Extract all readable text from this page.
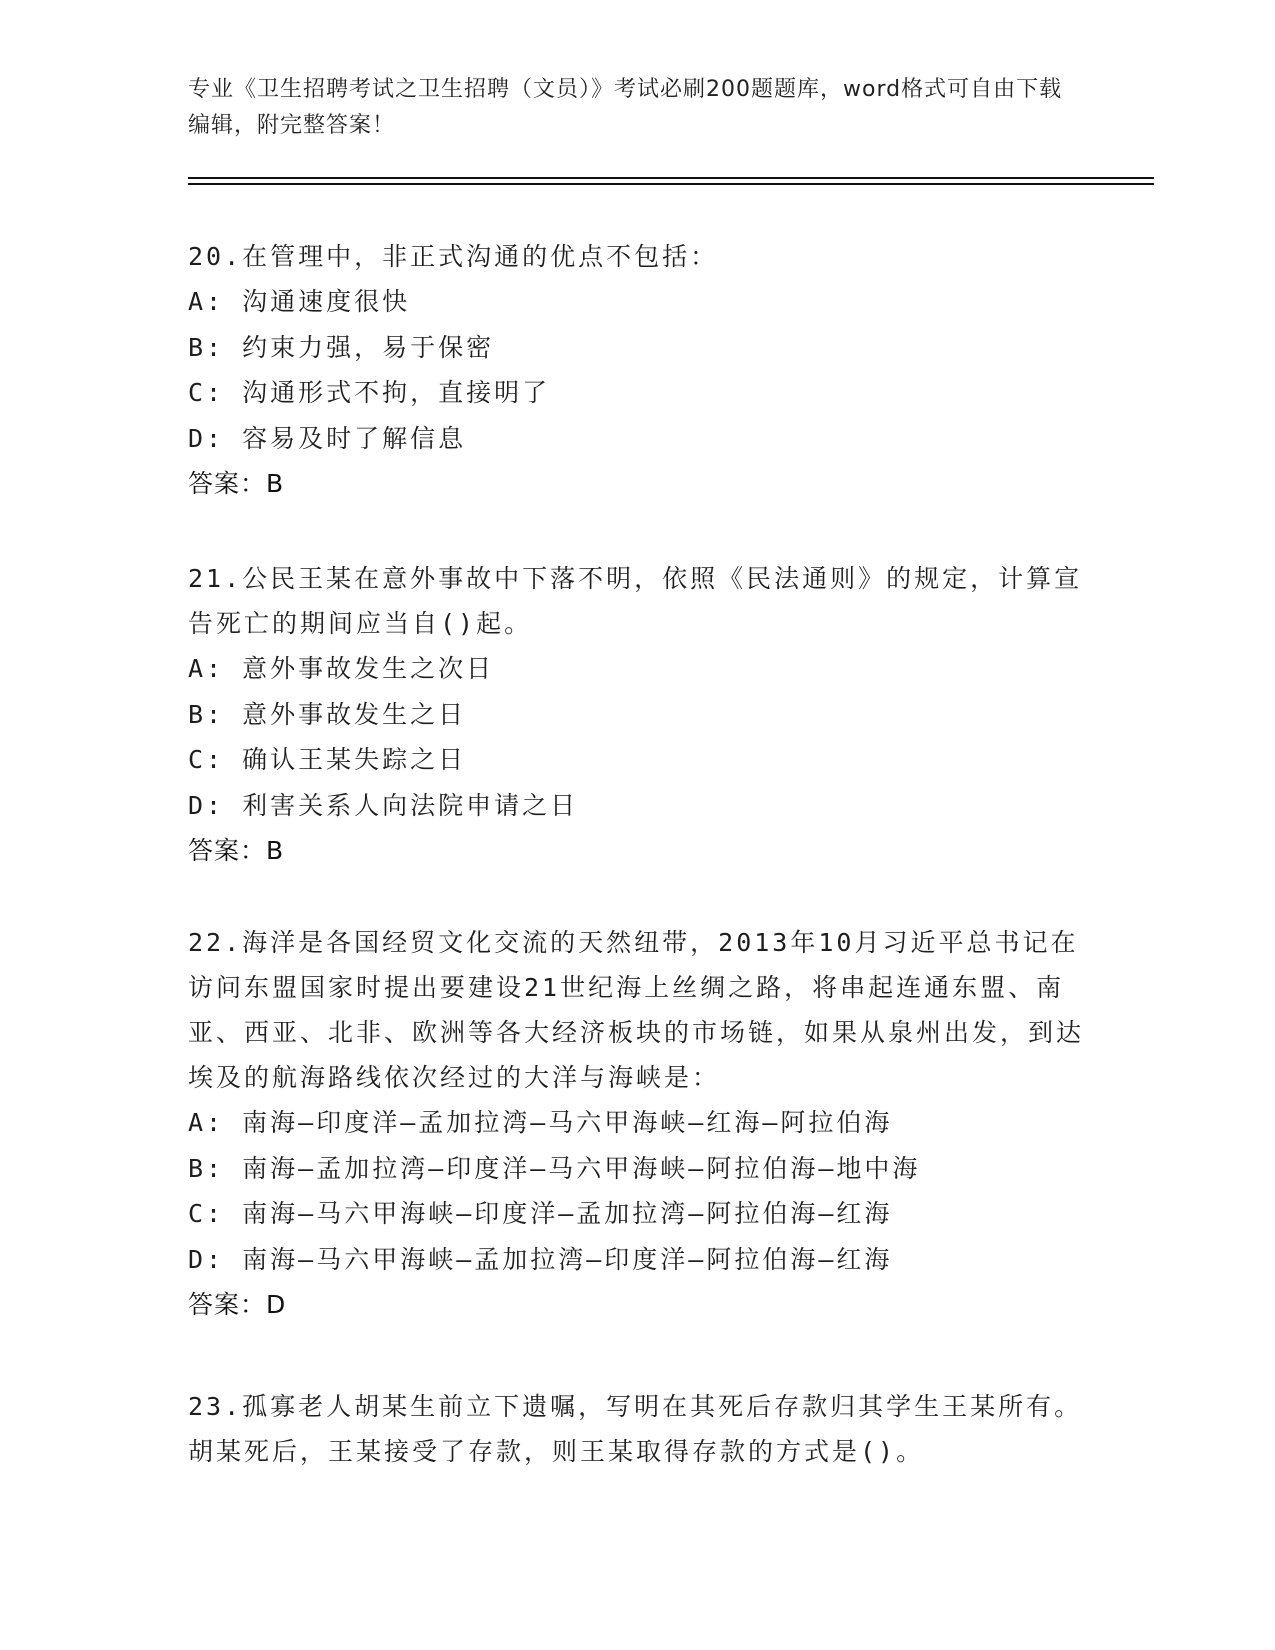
专业《卫生招聘考试之卫生招聘（文员）》考试必刷200题题库，word格式可自由下载编辑，附完整答案！

20.在管理中，非正式沟通的优点不包括：

A: 沟通速度很快

B: 约束力强，易于保密

C: 沟通形式不拘，直接明了

D: 容易及时了解信息

答案：B

21.公民王某在意外事故中下落不明，依照《民法通则》的规定，计算宣告死亡的期间应当自()起。

A: 意外事故发生之次日

B: 意外事故发生之日

C: 确认王某失踪之日

D: 利害关系人向法院申请之日

答案：B

22.海洋是各国经贸文化交流的天然纽带，2013年10月习近平总书记在访问东盟国家时提出要建设21世纪海上丝绸之路，将串起连通东盟、南亚、西亚、北非、欧洲等各大经济板块的市场链，如果从泉州出发，到达埃及的航海路线依次经过的大洋与海峡是：

A: 南海—印度洋—孟加拉湾—马六甲海峡—红海—阿拉伯海

B: 南海—孟加拉湾—印度洋—马六甲海峡—阿拉伯海—地中海

C: 南海—马六甲海峡—印度洋—孟加拉湾—阿拉伯海—红海

D: 南海—马六甲海峡—孟加拉湾—印度洋—阿拉伯海—红海

答案：D

23.孤寡老人胡某生前立下遗嘱，写明在其死后存款归其学生王某所有。胡某死后，王某接受了存款，则王某取得存款的方式是()。
